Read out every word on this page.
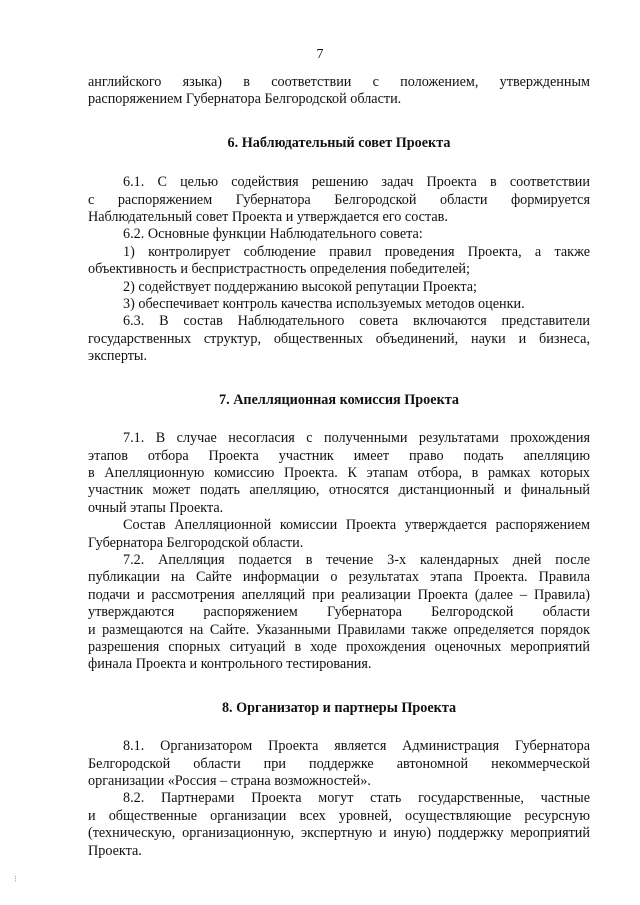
7
английского языка) в соответствии с положением, утвержденным
распоряжением Губернатора Белгородской области.
6. Наблюдательный совет Проекта
6.1. С целью содействия решению задач Проекта в соответствии
с распоряжением Губернатора Белгородской области формируется
Наблюдательный совет Проекта и утверждается его состав.
6.2. Основные функции Наблюдательного совета:
1) контролирует соблюдение правил проведения Проекта, а также
объективность и беспристрастность определения победителей;
2) содействует поддержанию высокой репутации Проекта;
3) обеспечивает контроль качества используемых методов оценки.
6.3. В состав Наблюдательного совета включаются представители
государственных структур, общественных объединений, науки и бизнеса,
эксперты.
7. Апелляционная комиссия Проекта
7.1. В случае несогласия с полученными результатами прохождения
этапов отбора Проекта участник имеет право подать апелляцию
в Апелляционную комиссию Проекта. К этапам отбора, в рамках которых
участник может подать апелляцию, относятся дистанционный и финальный
очный этапы Проекта.
Состав Апелляционной комиссии Проекта утверждается распоряжением
Губернатора Белгородской области.
7.2. Апелляция подается в течение 3-х календарных дней после
публикации на Сайте информации о результатах этапа Проекта. Правила
подачи и рассмотрения апелляций при реализации Проекта (далее – Правила)
утверждаются распоряжением Губернатора Белгородской области
и размещаются на Сайте. Указанными Правилами также определяется порядок
разрешения спорных ситуаций в ходе прохождения оценочных мероприятий
финала Проекта и контрольного тестирования.
8. Организатор и партнеры Проекта
8.1. Организатором Проекта является Администрация Губернатора
Белгородской области при поддержке автономной некоммерческой
организации «Россия – страна возможностей».
8.2. Партнерами Проекта могут стать государственные, частные
и общественные организации всех уровней, осуществляющие ресурсную
(техническую, организационную, экспертную и иную) поддержку мероприятий
Проекта.
⁝
